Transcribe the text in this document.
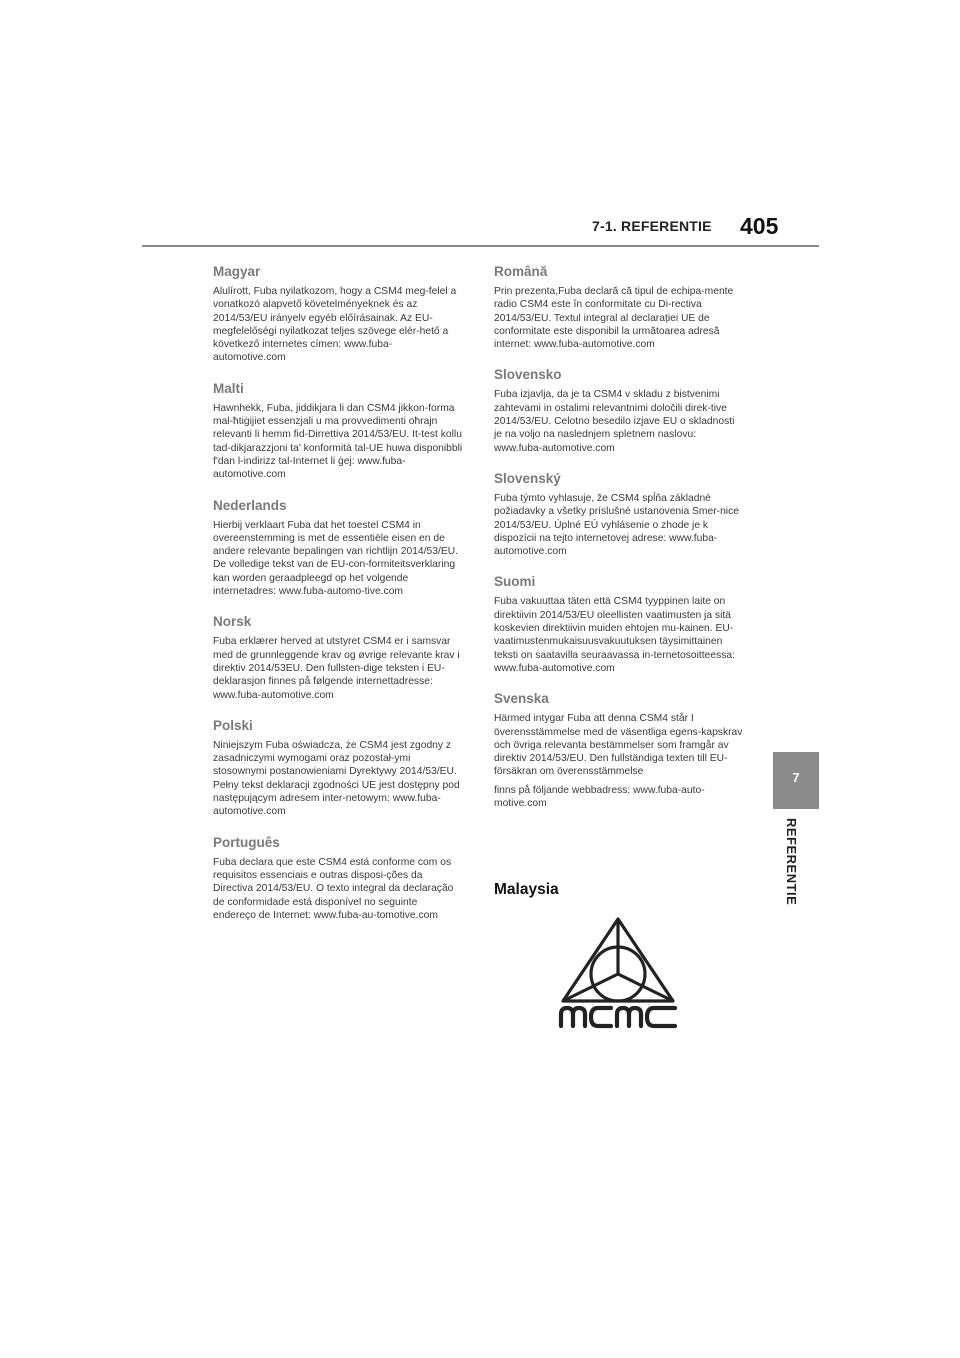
7-1. REFERENTIE 405
7
REFERENTIE
Magyar

Alulírott, Fuba nyilatkozom, hogy a CSM4 meg-felel a vonatkozó alapvető követelményeknek és az 2014/53/EU irányelv egyéb előírásainak. Az EU-megfelelőségi nyilatkozat teljes szövege elér-hető a következő internetes címen: www.fuba-automotive.com

Malti

Hawnhekk, Fuba, jiddikjara li dan CSM4 jikkon-forma mal-ħtiġijiet essenzjali u ma provvedimenti oħrajn relevanti li hemm fid-Dirrettiva 2014/53/EU. It-test kollu tad-dikjarazzjoni ta' konformità tal-UE huwa disponibbli f'dan l-indirizz tal-Internet li ġej: www.fuba-automotive.com

Nederlands

Hierbij verklaart Fuba dat het toestel CSM4 in overeenstemming is met de essentiële eisen en de andere relevante bepalingen van richtlijn 2014/53/EU. De volledige tekst van de EU-con-formiteitsverklaring kan worden geraadpleegd op het volgende internetadres: www.fuba-automo-tive.com

Norsk

Fuba erklærer herved at utstyret CSM4 er i samsvar med de grunnleggende krav og øvrige relevante krav i direktiv 2014/53EU. Den fullsten-dige teksten i EU-deklarasjon finnes på følgende internettadresse: www.fuba-automotive.com

Polski

Niniejszym Fuba oświadcza, że CSM4 jest zgodny z zasadniczymi wymogami oraz pozostał-ymi stosownymi postanowieniami Dyrektywy 2014/53/EU. Pełny tekst deklaracji zgodności UE jest dostępny pod następującym adresem inter-netowym: www.fuba-automotive.com

Português

Fuba declara que este CSM4 está conforme com os requisitos essenciais e outras disposi-ções da Directiva 2014/53/EU. O texto integral da declaração de conformidade está disponível no seguinte endereço de Internet: www.fuba-au-tomotive.com

Română

Prin prezenta,Fuba declară că tipul de echipa-mente radio CSM4 este în conformitate cu Di-rectiva 2014/53/EU. Textul integral al declarației UE de conformitate este disponibil la următoarea adresă internet: www.fuba-automotive.com

Slovensko

Fuba izjavlja, da je ta CSM4 v skladu z bistvenimi zahtevami in ostalimi relevantnimi določili direk-tive 2014/53/EU. Celotno besedilo izjave EU o skladnosti je na voljo na naslednjem spletnem naslovu: www.fuba-automotive.com

Slovenský

Fuba týmto vyhlasuje, že CSM4 spĺňa základné požiadavky a všetky príslušné ustanovenia Smer-nice 2014/53/EU. Úplné EÚ vyhlásenie o zhode je k dispozícii na tejto internetovej adrese: www.fuba-automotive.com

Suomi

Fuba vakuuttaa täten että CSM4 tyyppinen laite on direktiivin 2014/53/EU oleellisten vaatimusten ja sitä koskevien direktiivin muiden ehtojen mu-kainen. EU-vaatimustenmukaisuusvakuutuksen täysimittainen teksti on saatavilla seuraavassa in-ternetosoitteessa: www.fuba-automotive.com

Svenska

Härmed intygar Fuba att denna CSM4 står I överensstämmelse med de väsentliga egens-kapskrav och övriga relevanta bestämmelser som framgår av direktiv 2014/53/EU. Den fullständiga texten till EU-försäkran om överensstämmelse

finns på följande webbadress: www.fuba-auto-motive.com

Malaysia
